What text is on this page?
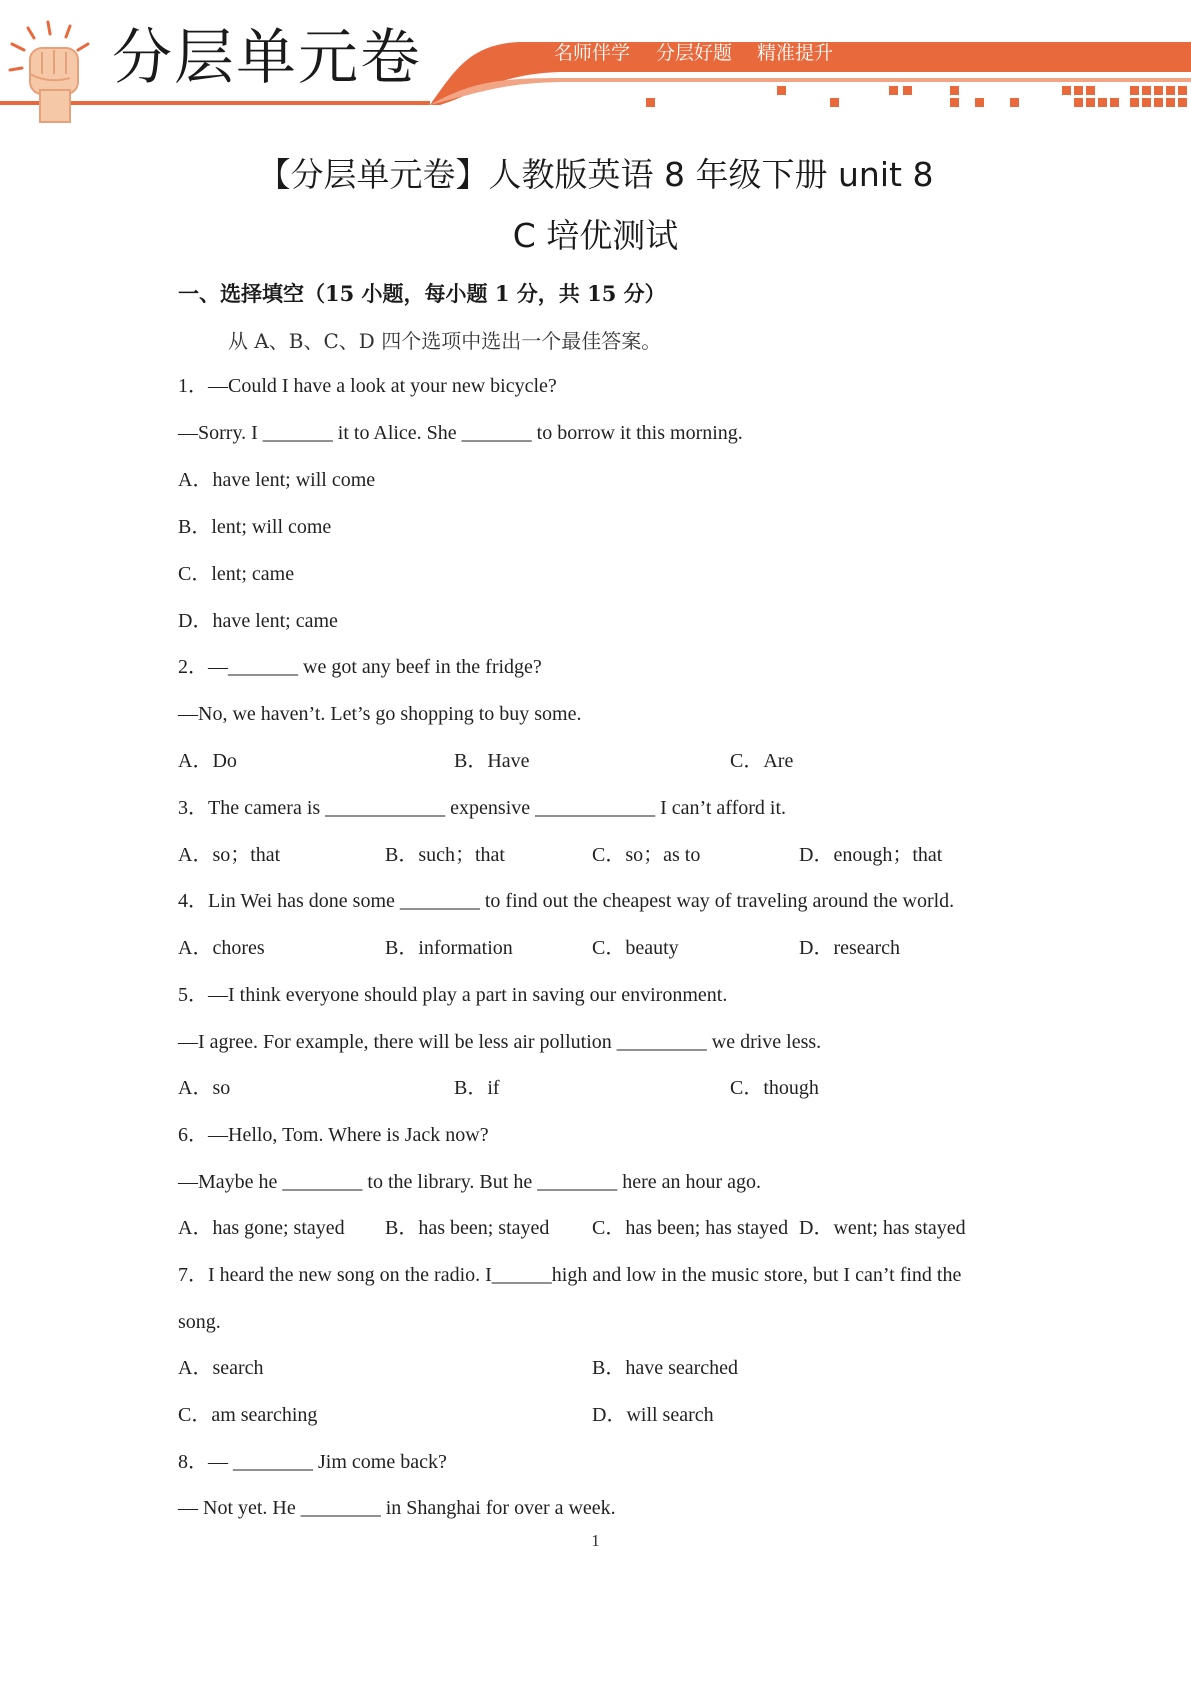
分层单元卷	名师伴学 分层好题 精准提升
【分层单元卷】人教版英语 8 年级下册 unit 8
C 培优测试
一、选择填空（15 小题，每小题 1 分，共 15 分）
从 A、B、C、D 四个选项中选出一个最佳答案。
1．—Could I have a look at your new bicycle?
—Sorry. I _______ it to Alice. She _______ to borrow it this morning.
A．have lent; will come
B．lent; will come
C．lent; came
D．have lent; came
2．—_______ we got any beef in the fridge?
—No, we haven’t. Let’s go shopping to buy some.
A．Do	B．Have	C．Are
3．The camera is ____________ expensive ____________ I can’t afford it.
A．so；that	B．such；that	C．so；as to	D．enough；that
4．Lin Wei has done some ________ to find out the cheapest way of traveling around the world.
A．chores	B．information	C．beauty	D．research
5．—I think everyone should play a part in saving our environment.
—I agree. For example, there will be less air pollution _________ we drive less.
A．so	B．if	C．though
6．—Hello, Tom. Where is Jack now?
—Maybe he ________ to the library. But he ________ here an hour ago.
A．has gone; stayed B．has been; stayed C．has been; has stayed D．went; has stayed
7．I heard the new song on the radio. I______high and low in the music store, but I can’t find the
song.
A．search	B．have searched
C．am searching	D．will search
8．— ________ Jim come back?
— Not yet. He ________ in Shanghai for over a week.
1
